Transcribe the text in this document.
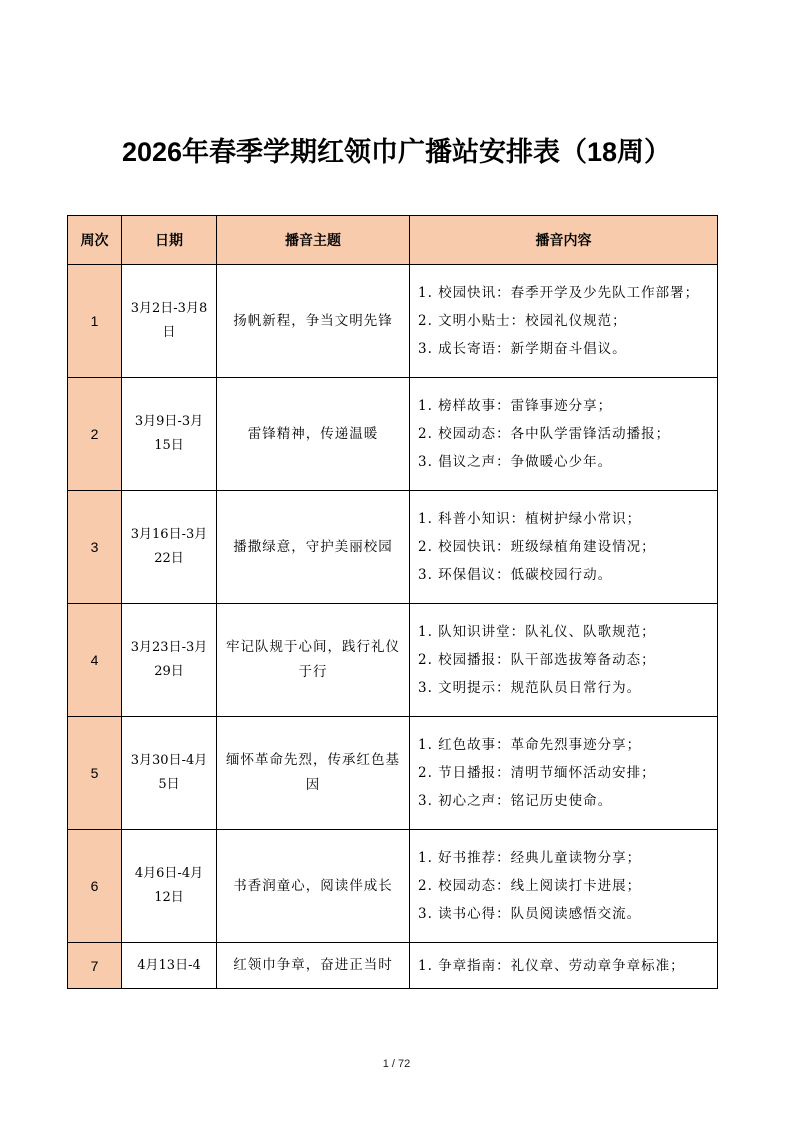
2026年春季学期红领巾广播站安排表（18周）
周次	日期	播音主题	播音内容
1	3月2日-3月8日	扬帆新程，争当文明先锋	1. 校园快讯：春季开学及少先队工作部署；
2. 文明小贴士：校园礼仪规范；
3. 成长寄语：新学期奋斗倡议。

2	3月9日-3月15日	雷锋精神，传递温暖	1. 榜样故事：雷锋事迹分享；
2. 校园动态：各中队学雷锋活动播报；
3. 倡议之声：争做暖心少年。

3	3月16日-3月22日	播撒绿意，守护美丽校园	1. 科普小知识：植树护绿小常识；
2. 校园快讯：班级绿植角建设情况；
3. 环保倡议：低碳校园行动。

4	3月23日-3月29日	牢记队规于心间，践行礼仪于行	1. 队知识讲堂：队礼仪、队歌规范；
2. 校园播报：队干部选拔筹备动态；
3. 文明提示：规范队员日常行为。

5	3月30日-4月5日	缅怀革命先烈，传承红色基因	1. 红色故事：革命先烈事迹分享；
2. 节日播报：清明节缅怀活动安排；
3. 初心之声：铭记历史使命。

6	4月6日-4月12日	书香润童心，阅读伴成长	1. 好书推荐：经典儿童读物分享；
2. 校园动态：线上阅读打卡进展；
3. 读书心得：队员阅读感悟交流。

7	4月13日-4	红领巾争章，奋进正当时	1. 争章指南：礼仪章、劳动章争章标准；
1 / 72
